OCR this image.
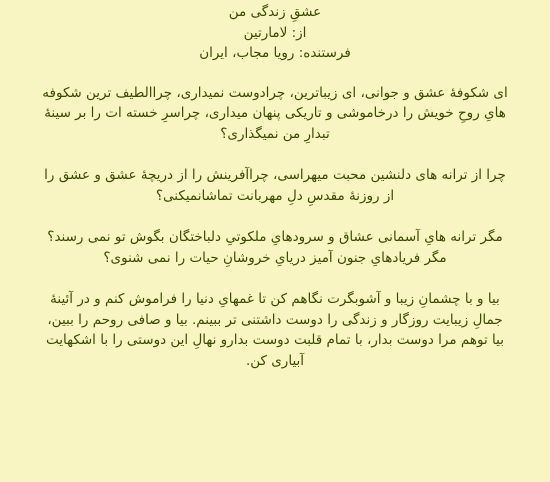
عشقِ زندگی من
از: لامارتین
فرستنده: رویا مجاب، ایران
ای شکوفهٔ عشق و جوانی، ای زیباترین، چرادوست نمیداری، چراالطیف ترین شکوفه
هایِ روحِ خویش را درخاموشی و تاریکی پنهان میداری، چراسرِ خسته ات را بر سینهٔ
تبدارِ من نمیگذاری؟
چرا از ترانه های دلنشین محبت میهراسی، چراآفرینش را از دریچهٔ عشق و عشق را
از روزنهٔ مقدسِ دلِ مهربانت تماشانمیکنی؟
مگر ترانه هایِ آسمانی عشاق و سرودهایِ ملکوتیِ دلباختگان بگوش تو نمی رسند؟
مگر فریادهایِ جنون آمیز دریایِ خروشانِ حیات را نمی شنوی؟
بیا و با چشمانِ زیبا و آشوبگرت نگاهم کن تا غمهایِ دنیا را فراموش کنم و در آئینهٔ
جمالِ زیبایت روزگار و زندگی را دوست داشتنی تر ببینم. بیا و صافی روحم را ببین،
بیا توهم مرا دوست بدار، با تمام قلبت دوست بدارو نهالِ این دوستی را با اشکهایت
آبیاری کن.
